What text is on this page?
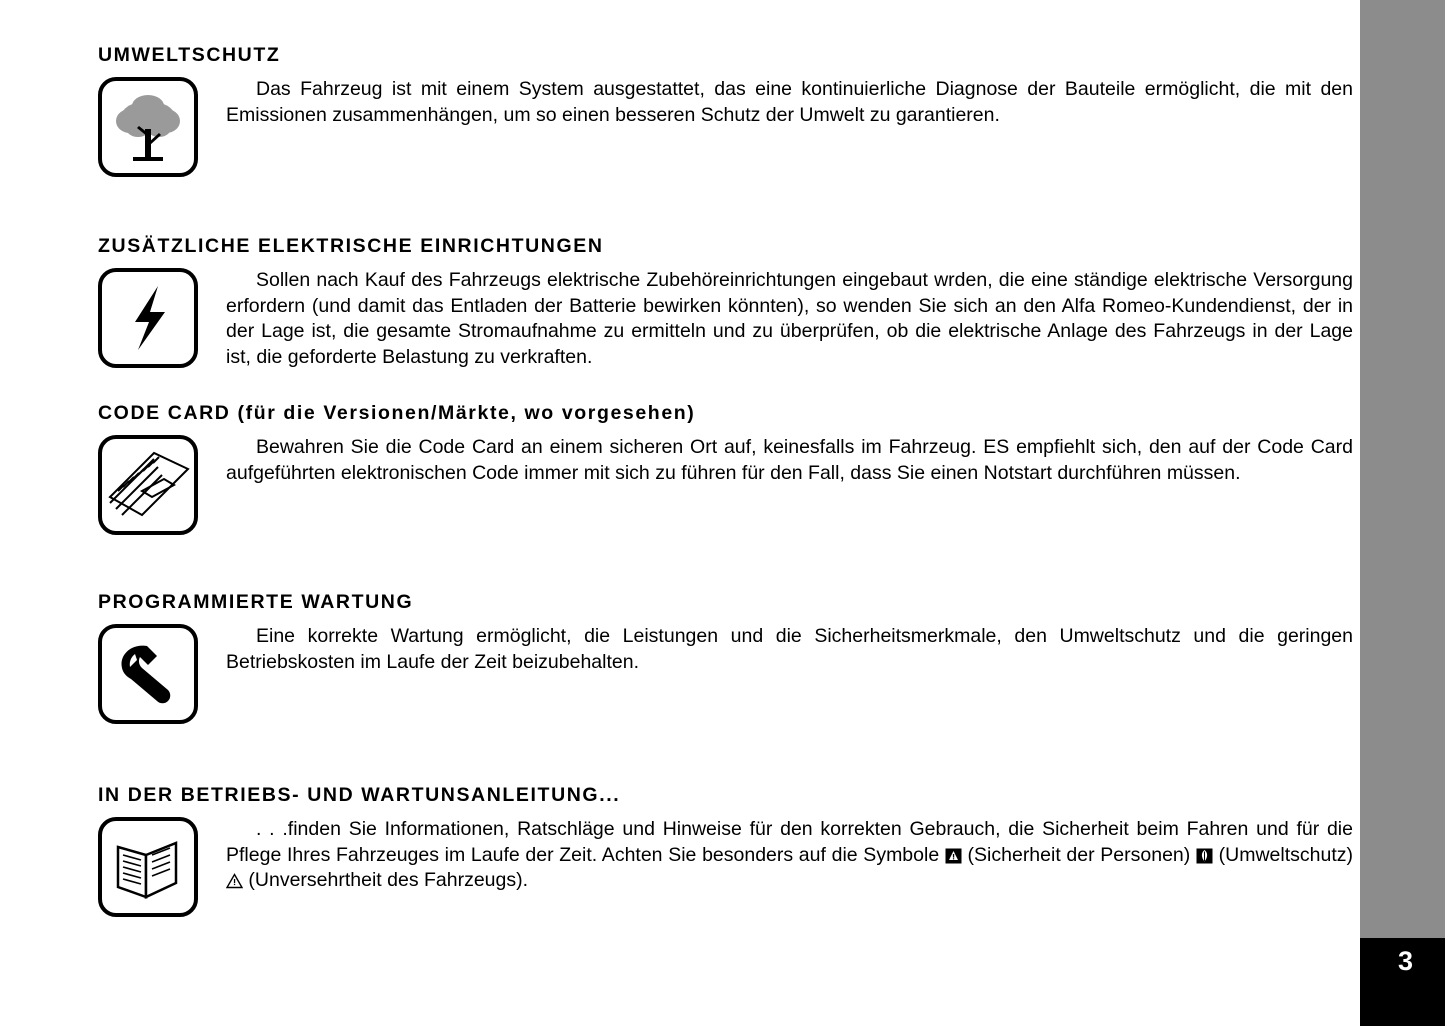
UMWELTSCHUTZ
Das Fahrzeug ist mit einem System ausgestattet, das eine kontinuierliche Diagnose der Bauteile ermöglicht, die mit den Emissionen zusammenhängen, um so einen besseren Schutz der Umwelt zu garantieren.
ZUSÄTZLICHE ELEKTRISCHE EINRICHTUNGEN
Sollen nach Kauf des Fahrzeugs elektrische Zubehöreinrichtungen eingebaut wrden, die eine ständige elektrische Versorgung erfordern (und damit das Entladen der Batterie bewirken könnten), so wenden Sie sich an den Alfa Romeo-Kundendienst, der in der Lage ist, die gesamte Stromaufnahme zu ermitteln und zu überprüfen, ob die elektrische Anlage des Fahrzeugs in der Lage ist, die geforderte Belastung zu verkraften.
CODE CARD (für die Versionen/Märkte, wo vorgesehen)
Bewahren Sie die Code Card an einem sicheren Ort auf, keinesfalls im Fahrzeug. ES empfiehlt sich, den auf der Code Card aufgeführten elektronischen Code immer mit sich zu führen für den Fall, dass Sie einen Notstart durchführen müssen.
PROGRAMMIERTE WARTUNG
Eine korrekte Wartung ermöglicht, die Leistungen und die Sicherheitsmerkmale, den Umweltschutz und die geringen Betriebskosten im Laufe der Zeit beizubehalten.
IN DER BETRIEBS- UND WARTUNSANLEITUNG...
. . .finden Sie Informationen, Ratschläge und Hinweise für den korrekten Gebrauch, die Sicherheit beim Fahren und für die Pflege Ihres Fahrzeuges im Laufe der Zeit. Achten Sie besonders auf die Symbole
(Sicherheit der Personen)
(Umweltschutz)
(Unversehrtheit des Fahrzeugs).
3
